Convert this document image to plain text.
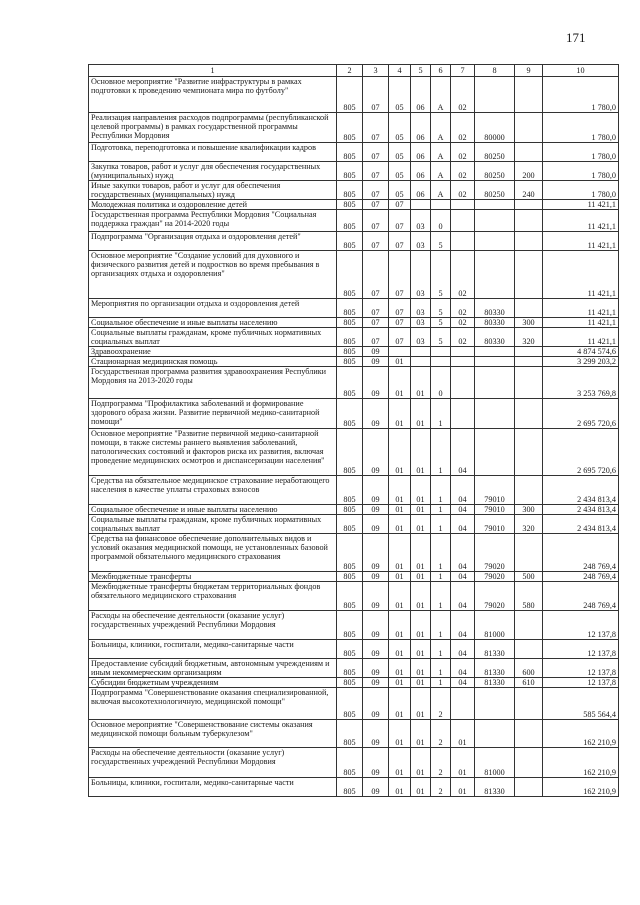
171
1	2	3	4	5	6	7	8	9	10
Основное мероприятие "Развитие инфраструктуры в рамках подготовки к проведению чемпионата мира по футболу"	805	07	05	06	А	02			1 780,0
Реализация направления расходов подпрограммы (республиканской целевой программы) в рамках государственной программы Республики Мордовия	805	07	05	06	А	02	80000		1 780,0
Подготовка, переподготовка и повышение квалификации кадров	805	07	05	06	А	02	80250		1 780,0
Закупка товаров, работ и услуг для обеспечения государственных (муниципальных) нужд	805	07	05	06	А	02	80250	200	1 780,0
Иные закупки товаров, работ и услуг для обеспечения государственных (муниципальных) нужд	805	07	05	06	А	02	80250	240	1 780,0
Молодежная политика и оздоровление детей	805	07	07						11 421,1
Государственная программа Республики Мордовия "Социальная поддержка граждан" на 2014-2020 годы	805	07	07	03	0				11 421,1
Подпрограмма "Организация отдыха и оздоровления детей"	805	07	07	03	5				11 421,1
Основное мероприятие "Создание условий для духовного и физического развития детей и подростков во время пребывания в организациях отдыха и оздоровления"	805	07	07	03	5	02			11 421,1
Мероприятия по организации отдыха и оздоровления детей	805	07	07	03	5	02	80330		11 421,1
Социальное обеспечение и иные выплаты населению	805	07	07	03	5	02	80330	300	11 421,1
Социальные выплаты гражданам, кроме публичных нормативных социальных выплат	805	07	07	03	5	02	80330	320	11 421,1
Здравоохранение	805	09							4 874 574,6
Стационарная медицинская помощь	805	09	01						3 299 203,2
Государственная программа развития здравоохранения Республики Мордовия на 2013-2020 годы	805	09	01	01	0				3 253 769,8
Подпрограмма "Профилактика заболеваний и формирование здорового образа жизни. Развитие первичной медико-санитарной помощи"	805	09	01	01	1				2 695 720,6
Основное мероприятие "Развитие первичной медико-санитарной помощи, в также системы раннего выявления заболеваний, патологических состояний и факторов риска их развития, включая проведение медицинских осмотров и диспансеризации населения"	805	09	01	01	1	04			2 695 720,6
Средства на обязательное медицинское страхование неработающего населения в качестве уплаты страховых взносов	805	09	01	01	1	04	79010		2 434 813,4
Социальное обеспечение и иные выплаты населению	805	09	01	01	1	04	79010	300	2 434 813,4
Социальные выплаты гражданам, кроме публичных нормативных социальных выплат	805	09	01	01	1	04	79010	320	2 434 813,4
Средства на финансовое обеспечение дополнительных видов и условий оказания медицинской помощи, не установленных базовой программой обязательного медицинского страхования	805	09	01	01	1	04	79020		248 769,4
Межбюджетные трансферты	805	09	01	01	1	04	79020	500	248 769,4
Межбюджетные трансферты бюджетам территориальных фондов обязательного медицинского страхования	805	09	01	01	1	04	79020	580	248 769,4
Расходы на обеспечение деятельности (оказание услуг) государственных учреждений Республики Мордовия	805	09	01	01	1	04	81000		12 137,8
Больницы, клиники, госпитали, медико-санитарные части	805	09	01	01	1	04	81330		12 137,8
Предоставление субсидий бюджетным, автономным учреждениям и иным некоммерческим организациям	805	09	01	01	1	04	81330	600	12 137,8
Субсидии бюджетным учреждениям	805	09	01	01	1	04	81330	610	12 137,8
Подпрограмма "Совершенствование оказания специализированной, включая высокотехнологичную, медицинской помощи"	805	09	01	01	2				585 564,4
Основное мероприятие "Совершенствование системы оказания медицинской помощи больным туберкулезом"	805	09	01	01	2	01			162 210,9
Расходы на обеспечение деятельности (оказание услуг) государственных учреждений Республики Мордовия	805	09	01	01	2	01	81000		162 210,9
Больницы, клиники, госпитали, медико-санитарные части	805	09	01	01	2	01	81330		162 210,9
